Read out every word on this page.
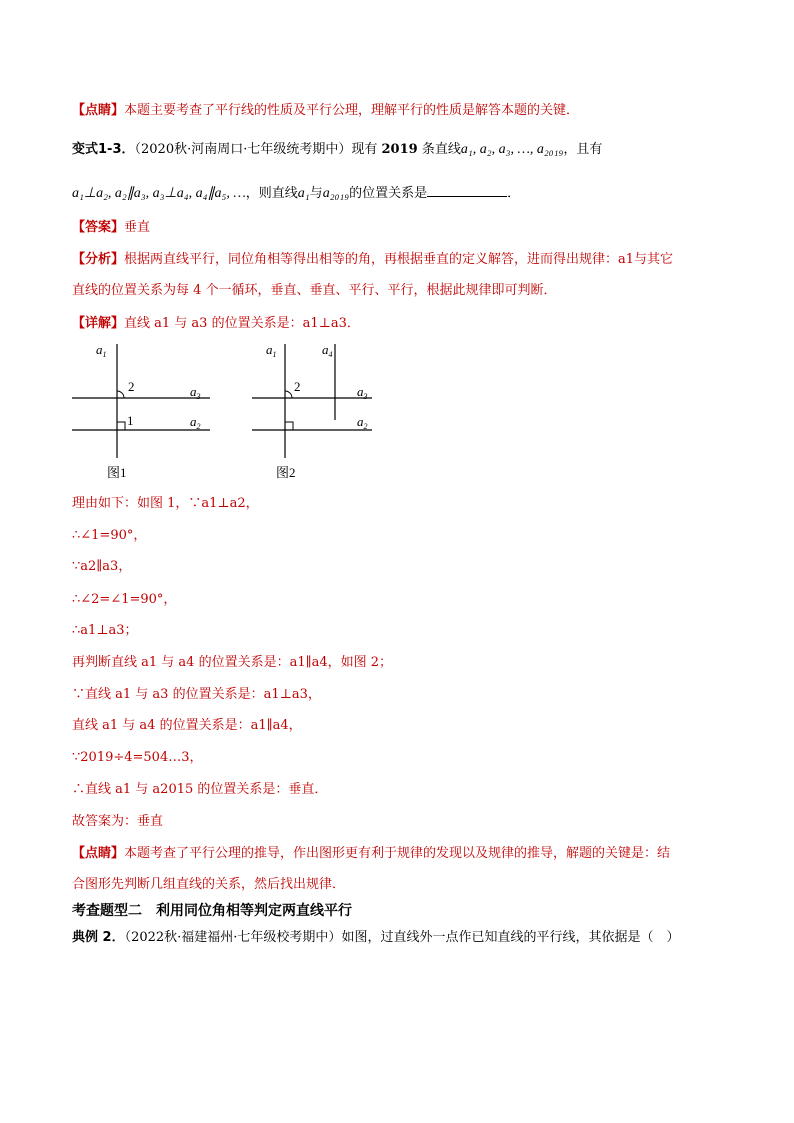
【点睛】本题主要考查了平行线的性质及平行公理，理解平行的性质是解答本题的关键．
变式1-3．（2020秋·河南周口·七年级统考期中）现有 2019 条直线a₁, a₂, a₃, …, a₂₀₁₉，且有
a₁⊥a₂, a₂∥a₃, a₃⊥a₄, a₄∥a₅, …，则直线a₁与a₂₀₁₉的位置关系是	．
【答案】垂直
【分析】根据两直线平行，同位角相等得出相等的角，再根据垂直的定义解答，进而得出规律：a1与其它
直线的位置关系为每 4 个一循环，垂直、垂直、平行、平行，根据此规律即可判断．
【详解】直线 a1 与 a3 的位置关系是：a1⊥a3．
$a_1$
2	$a_3$
1	$a_2$
图1
$a_1$	$a_4$
2	$a_3$
$a_2$
图2
理由如下：如图 1，∵a1⊥a2，
∴∠1=90°，
∵a2∥a3，
∴∠2=∠1=90°，
∴a1⊥a3；
再判断直线 a1 与 a4 的位置关系是：a1∥a4，如图 2；
∵直线 a1 与 a3 的位置关系是：a1⊥a3，
直线 a1 与 a4 的位置关系是：a1∥a4，
∵2019÷4=504…3，
∴直线 a1 与 a2015 的位置关系是：垂直．
故答案为：垂直
【点睛】本题考查了平行公理的推导，作出图形更有利于规律的发现以及规律的推导，解题的关键是：结
合图形先判断几组直线的关系，然后找出规律．
考查题型二　利用同位角相等判定两直线平行
典例 2．（2022秋·福建福州·七年级校考期中）如图，过直线外一点作已知直线的平行线，其依据是（　）
